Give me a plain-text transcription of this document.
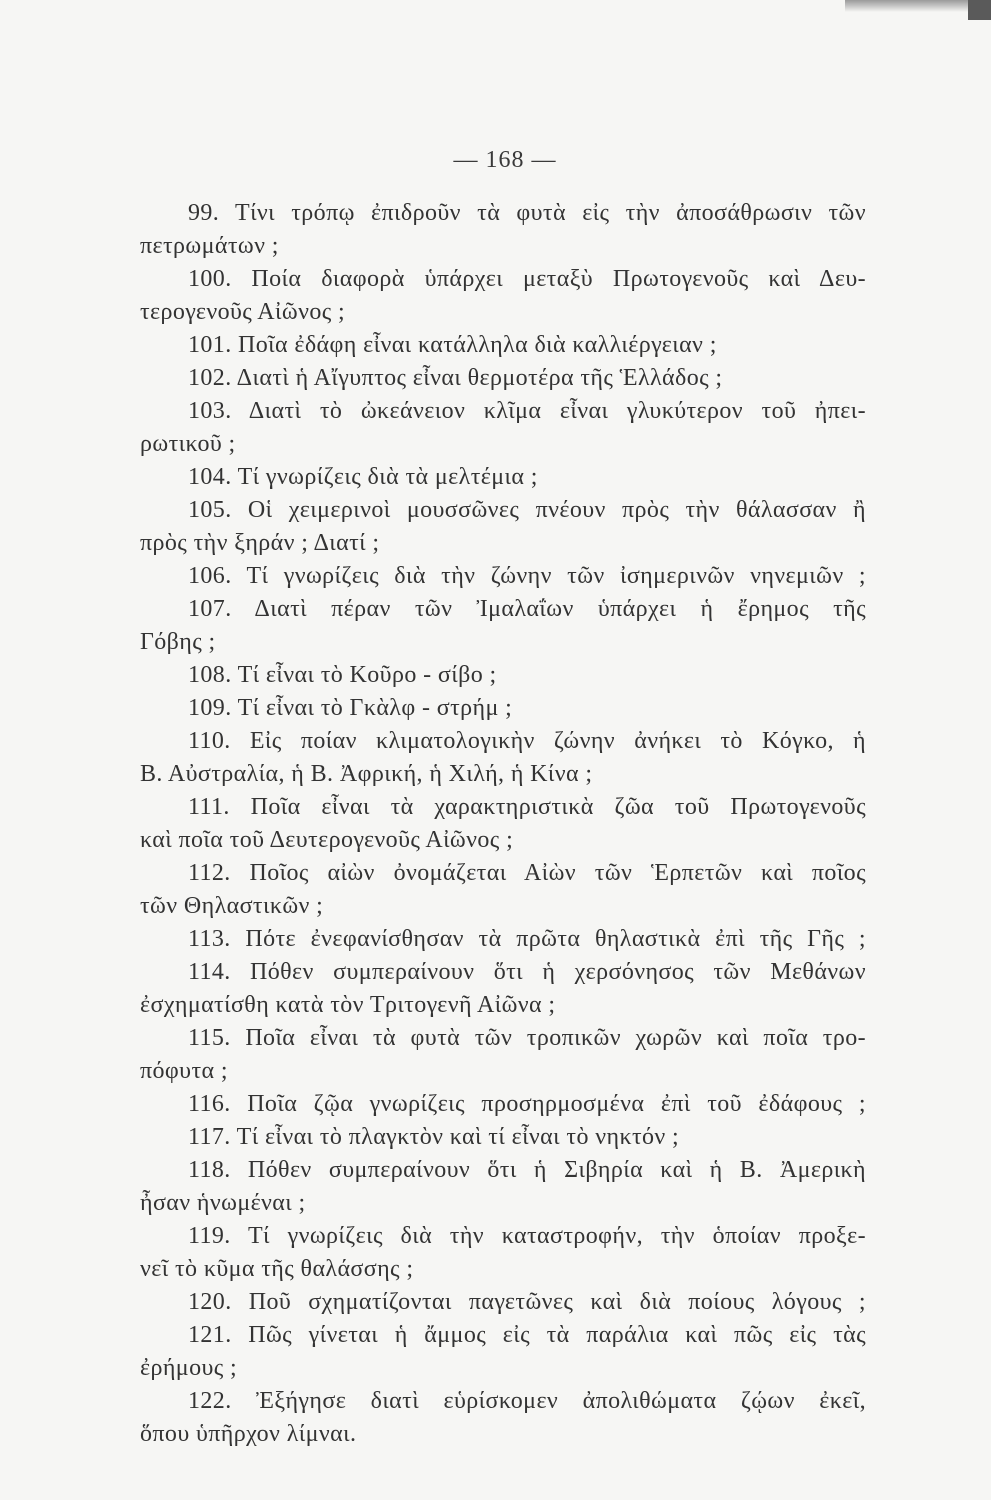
— 168 —
99. Τίνι τρόπῳ ἐπιδροῦν τὰ φυτὰ εἰς τὴν ἀποσάθρωσιν τῶν
πετρωμάτων ;
100. Ποία διαφορὰ ὑπάρχει μεταξὺ Πρωτογενοῦς καὶ Δευ-
τερογενοῦς Αἰῶνος ;
101. Ποῖα ἐδάφη εἶναι κατάλληλα διὰ καλλιέργειαν ;
102. Διατὶ ἡ Αἴγυπτος εἶναι θερμοτέρα τῆς Ἑλλάδος ;
103. Διατὶ τὸ ὠκεάνειον κλῖμα εἶναι γλυκύτερον τοῦ ἠπει-
ρωτικοῦ ;
104. Τί γνωρίζεις διὰ τὰ μελτέμια ;
105. Οἱ χειμερινοὶ μουσσῶνες πνέουν πρὸς τὴν θάλασσαν ἢ
πρὸς τὴν ξηράν ; Διατί ;
106. Τί γνωρίζεις διὰ τὴν ζώνην τῶν ἰσημερινῶν νηνεμιῶν ;
107. Διατὶ πέραν τῶν Ἰμαλαΐων ὑπάρχει ἡ ἔρημος τῆς
Γόβης ;
108. Τί εἶναι τὸ Κοῦρο - σίβο ;
109. Τί εἶναι τὸ Γκὰλφ - στρήμ ;
110. Εἰς ποίαν κλιματολογικὴν ζώνην ἀνήκει τὸ Κόγκο, ἡ
Β. Αὐστραλία, ἡ Β. Ἀφρική, ἡ Χιλή, ἡ Κίνα ;
111. Ποῖα εἶναι τὰ χαρακτηριστικὰ ζῶα τοῦ Πρωτογενοῦς
καὶ ποῖα τοῦ Δευτερογενοῦς Αἰῶνος ;
112. Ποῖος αἰὼν ὀνομάζεται Αἰὼν τῶν Ἑρπετῶν καὶ ποῖος
τῶν Θηλαστικῶν ;
113. Πότε ἐνεφανίσθησαν τὰ πρῶτα θηλαστικὰ ἐπὶ τῆς Γῆς ;
114. Πόθεν συμπεραίνουν ὅτι ἡ χερσόνησος τῶν Μεθάνων
ἐσχηματίσθη κατὰ τὸν Τριτογενῆ Αἰῶνα ;
115. Ποῖα εἶναι τὰ φυτὰ τῶν τροπικῶν χωρῶν καὶ ποῖα τρο-
πόφυτα ;
116. Ποῖα ζῷα γνωρίζεις προσηρμοσμένα ἐπὶ τοῦ ἐδάφους ;
117. Τί εἶναι τὸ πλαγκτὸν καὶ τί εἶναι τὸ νηκτόν ;
118. Πόθεν συμπεραίνουν ὅτι ἡ Σιβηρία καὶ ἡ Β. Ἀμερικὴ
ἦσαν ἡνωμέναι ;
119. Τί γνωρίζεις διὰ τὴν καταστροφήν, τὴν ὁποίαν προξε-
νεῖ τὸ κῦμα τῆς θαλάσσης ;
120. Ποῦ σχηματίζονται παγετῶνες καὶ διὰ ποίους λόγους ;
121. Πῶς γίνεται ἡ ἄμμος εἰς τὰ παράλια καὶ πῶς εἰς τὰς
ἐρήμους ;
122. Ἐξήγησε διατὶ εὑρίσκομεν ἀπολιθώματα ζῴων ἐκεῖ,
ὅπου ὑπῆρχον λίμναι.
